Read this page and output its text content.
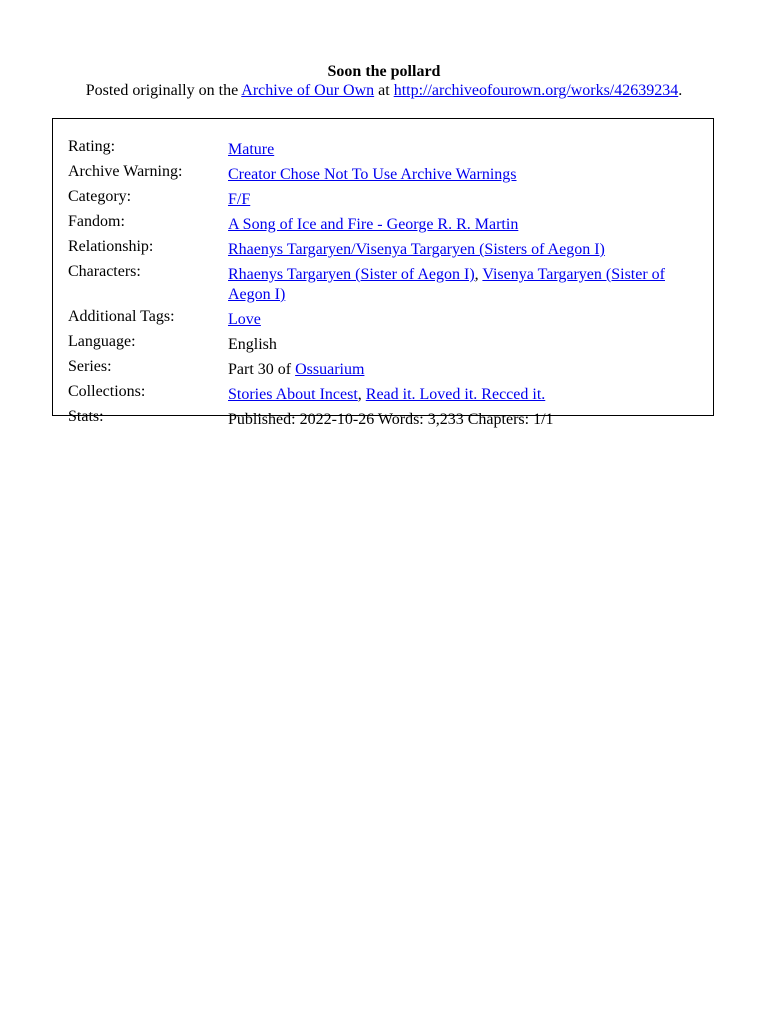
Soon the pollard
Posted originally on the Archive of Our Own at http://archiveofourown.org/works/42639234.
Rating:	Mature
Archive Warning:	Creator Chose Not To Use Archive Warnings
Category:	F/F
Fandom:	A Song of Ice and Fire - George R. R. Martin
Relationship:	Rhaenys Targaryen/Visenya Targaryen (Sisters of Aegon I)
Characters:	Rhaenys Targaryen (Sister of Aegon I), Visenya Targaryen (Sister of Aegon I)
Additional Tags:	Love
Language:	English
Series:	Part 30 of Ossuarium
Collections:	Stories About Incest, Read it. Loved it. Recced it.
Stats:	Published: 2022-10-26 Words: 3,233 Chapters: 1/1
